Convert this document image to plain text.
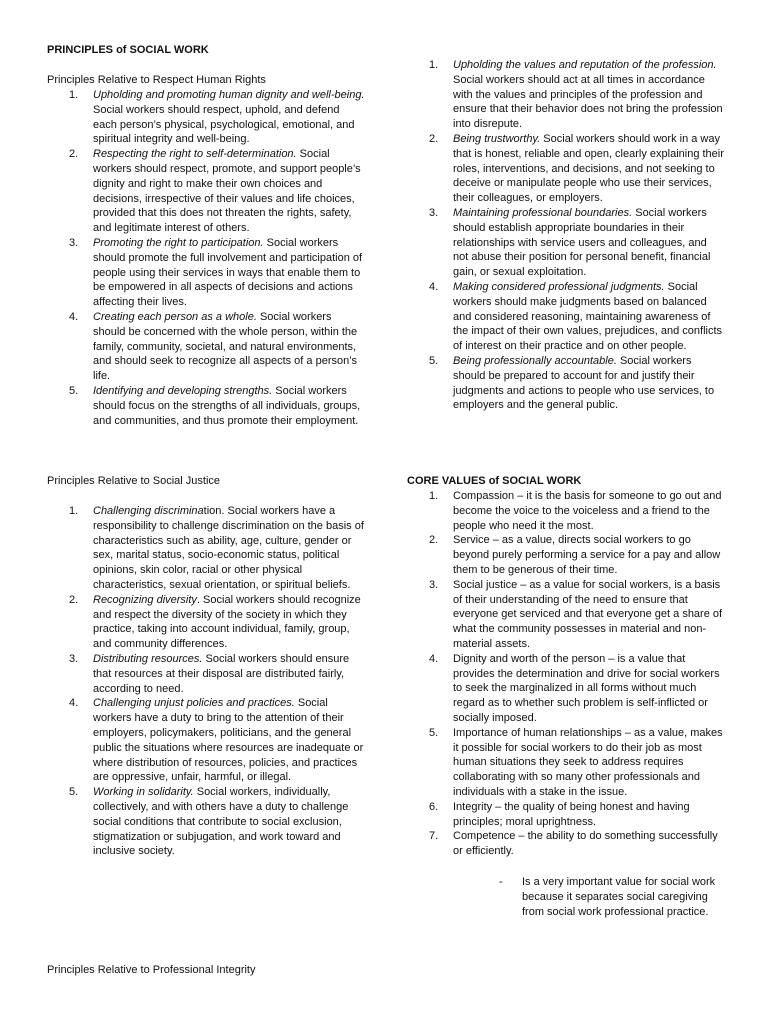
PRINCIPLES of SOCIAL WORK
Principles Relative to Respect Human Rights
1. Upholding and promoting human dignity and well-being. Social workers should respect, uphold, and defend each person’s physical, psychological, emotional, and spiritual integrity and well-being.
2. Respecting the right to self-determination. Social workers should respect, promote, and support people’s dignity and right to make their own choices and decisions, irrespective of their values and life choices, provided that this does not threaten the rights, safety, and legitimate interest of others.
3. Promoting the right to participation. Social workers should promote the full involvement and participation of people using their services in ways that enable them to be empowered in all aspects of decisions and actions affecting their lives.
4. Creating each person as a whole. Social workers should be concerned with the whole person, within the family, community, societal, and natural environments, and should seek to recognize all aspects of a person’s life.
5. Identifying and developing strengths. Social workers should focus on the strengths of all individuals, groups, and communities, and thus promote their employment.
Principles Relative to Social Justice
1. Challenging discrimination. Social workers have a responsibility to challenge discrimination on the basis of characteristics such as ability, age, culture, gender or sex, marital status, socio-economic status, political opinions, skin color, racial or other physical characteristics, sexual orientation, or spiritual beliefs.
2. Recognizing diversity. Social workers should recognize and respect the diversity of the society in which they practice, taking into account individual, family, group, and community differences.
3. Distributing resources. Social workers should ensure that resources at their disposal are distributed fairly, according to need.
4. Challenging unjust policies and practices. Social workers have a duty to bring to the attention of their employers, policymakers, politicians, and the general public the situations where resources are inadequate or where distribution of resources, policies, and practices are oppressive, unfair, harmful, or illegal.
5. Working in solidarity. Social workers, individually, collectively, and with others have a duty to challenge social conditions that contribute to social exclusion, stigmatization or subjugation, and work toward and inclusive society.
Principles Relative to Professional Integrity
1. Upholding the values and reputation of the profession. Social workers should act at all times in accordance with the values and principles of the profession and ensure that their behavior does not bring the profession into disrepute.
2. Being trustworthy. Social workers should work in a way that is honest, reliable and open, clearly explaining their roles, interventions, and decisions, and not seeking to deceive or manipulate people who use their services, their colleagues, or employers.
3. Maintaining professional boundaries. Social workers should establish appropriate boundaries in their relationships with service users and colleagues, and not abuse their position for personal benefit, financial gain, or sexual exploitation.
4. Making considered professional judgments. Social workers should make judgments based on balanced and considered reasoning, maintaining awareness of the impact of their own values, prejudices, and conflicts of interest on their practice and on other people.
5. Being professionally accountable. Social workers should be prepared to account for and justify their judgments and actions to people who use services, to employers and the general public.
CORE VALUES of SOCIAL WORK
1. Compassion – it is the basis for someone to go out and become the voice to the voiceless and a friend to the people who need it the most.
2. Service – as a value, directs social workers to go beyond purely performing a service for a pay and allow them to be generous of their time.
3. Social justice – as a value for social workers, is a basis of their understanding of the need to ensure that everyone get serviced and that everyone get a share of what the community possesses in material and non-material assets.
4. Dignity and worth of the person – is a value that provides the determination and drive for social workers to seek the marginalized in all forms without much regard as to whether such problem is self-inflicted or socially imposed.
5. Importance of human relationships – as a value, makes it possible for social workers to do their job as most human situations they seek to address requires collaborating with so many other professionals and individuals with a stake in the issue.
6. Integrity – the quality of being honest and having principles; moral uprightness.
7. Competence – the ability to do something successfully or efficiently.
- Is a very important value for social work because it separates social caregiving from social work professional practice.
